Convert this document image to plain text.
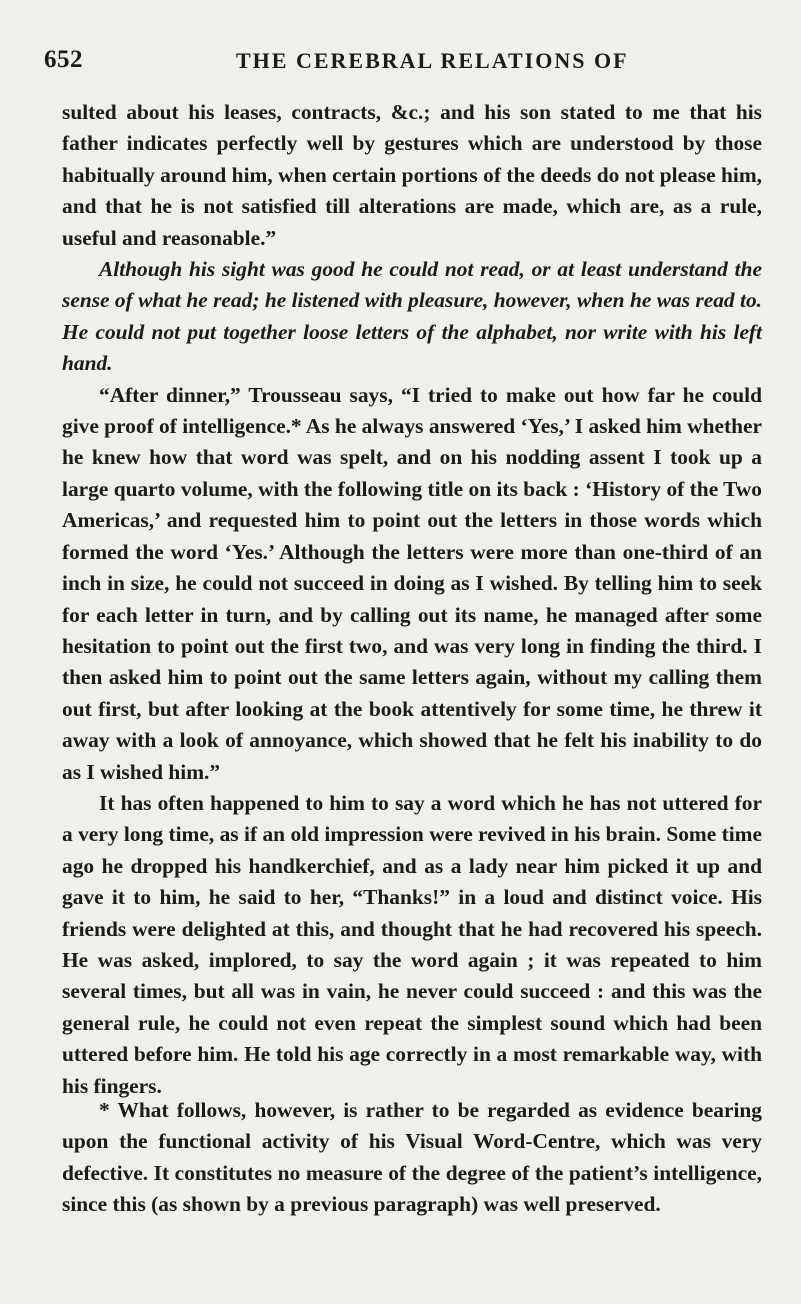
652	THE CEREBRAL RELATIONS OF

sulted about his leases, contracts, &c.; and his son stated to me that his father indicates perfectly well by gestures which are understood by those habitually around him, when certain portions of the deeds do not please him, and that he is not satisfied till alterations are made, which are, as a rule, useful and reasonable.”

Although his sight was good he could not read, or at least understand the sense of what he read; he listened with pleasure, however, when he was read to. He could not put together loose letters of the alphabet, nor write with his left hand.

“After dinner,” Trousseau says, “I tried to make out how far he could give proof of intelligence.* As he always answered ‘Yes,’ I asked him whether he knew how that word was spelt, and on his nodding assent I took up a large quarto volume, with the following title on its back : ‘History of the Two Americas,’ and requested him to point out the letters in those words which formed the word ‘Yes.’ Although the letters were more than one-third of an inch in size, he could not succeed in doing as I wished. By telling him to seek for each letter in turn, and by calling out its name, he managed after some hesitation to point out the first two, and was very long in finding the third. I then asked him to point out the same letters again, without my calling them out first, but after looking at the book attentively for some time, he threw it away with a look of annoyance, which showed that he felt his inability to do as I wished him.”

It has often happened to him to say a word which he has not uttered for a very long time, as if an old impression were revived in his brain. Some time ago he dropped his handkerchief, and as a lady near him picked it up and gave it to him, he said to her, “Thanks!” in a loud and distinct voice. His friends were delighted at this, and thought that he had recovered his speech. He was asked, implored, to say the word again ; it was repeated to him several times, but all was in vain, he never could succeed : and this was the general rule, he could not even repeat the simplest sound which had been uttered before him. He told his age correctly in a most remarkable way, with his fingers.

* What follows, however, is rather to be regarded as evidence bearing upon the functional activity of his Visual Word-Centre, which was very defective. It constitutes no measure of the degree of the patient’s intelligence, since this (as shown by a previous paragraph) was well preserved.
